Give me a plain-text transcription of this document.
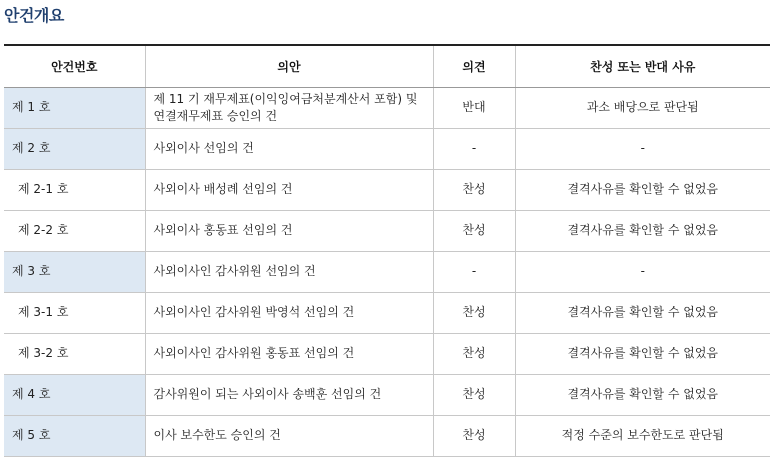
안건개요
안건번호	의안	의견	찬성 또는 반대 사유
제 1 호	제 11 기 재무제표(이익잉여금처분계산서 포함) 및 연결재무제표 승인의 건	반대	과소 배당으로 판단됨
제 2 호	사외이사 선임의 건	-	-
제 2-1 호	사외이사 배성례 선임의 건	찬성	결격사유를 확인할 수 없었음
제 2-2 호	사외이사 홍동표 선임의 건	찬성	결격사유를 확인할 수 없었음
제 3 호	사외이사인 감사위원 선임의 건	-	-
제 3-1 호	사외이사인 감사위원 박영석 선임의 건	찬성	결격사유를 확인할 수 없었음
제 3-2 호	사외이사인 감사위원 홍동표 선임의 건	찬성	결격사유를 확인할 수 없었음
제 4 호	감사위원이 되는 사외이사 송백훈 선임의 건	찬성	결격사유를 확인할 수 없었음
제 5 호	이사 보수한도 승인의 건	찬성	적정 수준의 보수한도로 판단됨
